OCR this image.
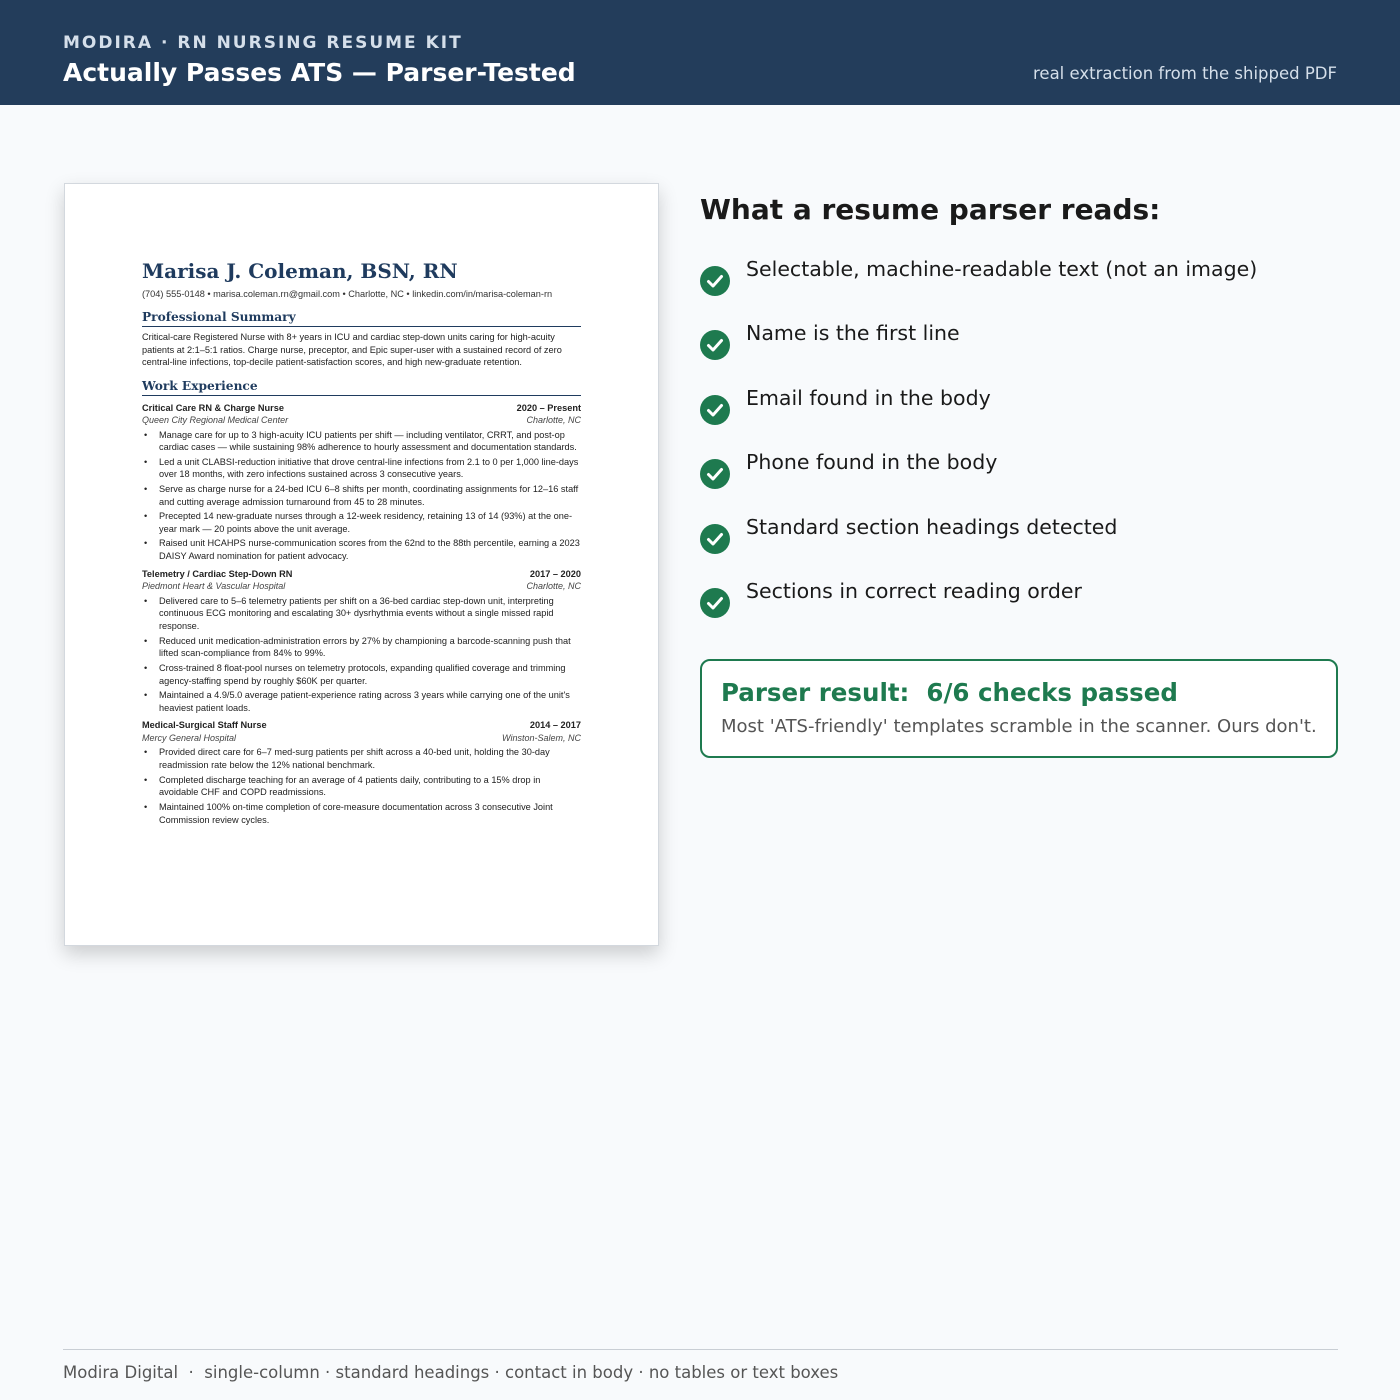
MODIRA · RN NURSING RESUME KIT
Actually Passes ATS — Parser-Tested	real extraction from the shipped PDF
Marisa J. Coleman, BSN, RN
(704) 555-0148 • marisa.coleman.rn@gmail.com • Charlotte, NC • linkedin.com/in/marisa-coleman-rn
Professional Summary
Critical-care Registered Nurse with 8+ years in ICU and cardiac step-down units caring for high-acuity patients at 2:1–5:1 ratios. Charge nurse, preceptor, and Epic super-user with a sustained record of zero central-line infections, top-decile patient-satisfaction scores, and high new-graduate retention.
Work Experience
Critical Care RN & Charge Nurse	2020 – Present
Queen City Regional Medical Center	Charlotte, NC
• Manage care for up to 3 high-acuity ICU patients per shift — including ventilator, CRRT, and post-op cardiac cases — while sustaining 98% adherence to hourly assessment and documentation standards.
• Led a unit CLABSI-reduction initiative that drove central-line infections from 2.1 to 0 per 1,000 line-days over 18 months, with zero infections sustained across 3 consecutive years.
• Serve as charge nurse for a 24-bed ICU 6–8 shifts per month, coordinating assignments for 12–16 staff and cutting average admission turnaround from 45 to 28 minutes.
• Precepted 14 new-graduate nurses through a 12-week residency, retaining 13 of 14 (93%) at the one-year mark — 20 points above the unit average.
• Raised unit HCAHPS nurse-communication scores from the 62nd to the 88th percentile, earning a 2023 DAISY Award nomination for patient advocacy.
Telemetry / Cardiac Step-Down RN	2017 – 2020
Piedmont Heart & Vascular Hospital	Charlotte, NC
• Delivered care to 5–6 telemetry patients per shift on a 36-bed cardiac step-down unit, interpreting continuous ECG monitoring and escalating 30+ dysrhythmia events without a single missed rapid response.
• Reduced unit medication-administration errors by 27% by championing a barcode-scanning push that lifted scan-compliance from 84% to 99%.
• Cross-trained 8 float-pool nurses on telemetry protocols, expanding qualified coverage and trimming agency-staffing spend by roughly $60K per quarter.
• Maintained a 4.9/5.0 average patient-experience rating across 3 years while carrying one of the unit's heaviest patient loads.
Medical-Surgical Staff Nurse	2014 – 2017
Mercy General Hospital	Winston-Salem, NC
• Provided direct care for 6–7 med-surg patients per shift across a 40-bed unit, holding the 30-day readmission rate below the 12% national benchmark.
• Completed discharge teaching for an average of 4 patients daily, contributing to a 15% drop in avoidable CHF and COPD readmissions.
• Maintained 100% on-time completion of core-measure documentation across 3 consecutive Joint Commission review cycles.
What a resume parser reads:
Selectable, machine-readable text (not an image)
Name is the first line
Email found in the body
Phone found in the body
Standard section headings detected
Sections in correct reading order
Parser result: 6/6 checks passed
Most 'ATS-friendly' templates scramble in the scanner. Ours don't.
Modira Digital  ·  single-column · standard headings · contact in body · no tables or text boxes
